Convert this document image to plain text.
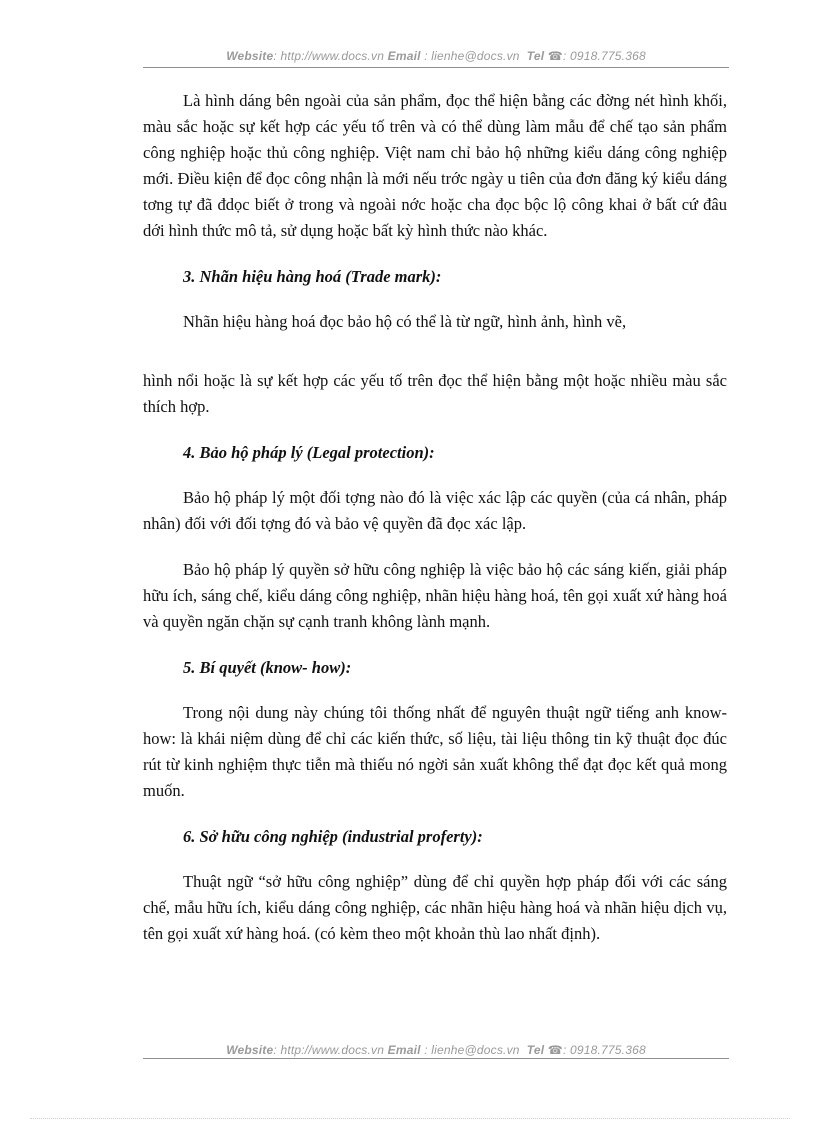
Website: http://www.docs.vn Email : lienhe@docs.vn Tel ☎: 0918.775.368

Là hình dáng bên ngoài của sản phẩm, đọc thể hiện bằng các đờng nét hình khối, màu sắc hoặc sự kết hợp các yếu tố trên và có thể dùng làm mẫu để chế tạo sản phẩm công nghiệp hoặc thủ công nghiệp. Việt nam chỉ bảo hộ những kiểu dáng công nghiệp mới. Điều kiện để đọc công nhận là mới nếu trớc ngày u tiên của đơn đăng ký kiểu dáng tơng tự đã đdọc biết ở trong và ngoài nớc hoặc cha đọc bộc lộ công khai ở bất cứ đâu dới hình thức mô tả, sử dụng hoặc bất kỳ hình thức nào khác.

3. Nhãn hiệu hàng hoá (Trade mark):

Nhãn hiệu hàng hoá đọc bảo hộ có thể là từ ngữ, hình ảnh, hình vẽ,

hình nổi hoặc là sự kết hợp các yếu tố trên đọc thể hiện bằng một hoặc nhiều màu sắc thích hợp.

4. Bảo hộ pháp lý (Legal protection):

Bảo hộ pháp lý một đối tợng nào đó là việc xác lập các quyền (của cá nhân, pháp nhân) đối với đối tợng đó và bảo vệ quyền đã đọc xác lập.

Bảo hộ pháp lý quyền sở hữu công nghiệp là việc bảo hộ các sáng kiến, giải pháp hữu ích, sáng chế, kiểu dáng công nghiệp, nhãn hiệu hàng hoá, tên gọi xuất xứ hàng hoá và quyền ngăn chặn sự cạnh tranh không lành mạnh.

5. Bí quyết (know- how):

Trong nội dung này chúng tôi thống nhất để nguyên thuật ngữ tiếng anh know- how: là khái niệm dùng để chỉ các kiến thức, số liệu, tài liệu thông tin kỹ thuật đọc đúc rút từ kinh nghiệm thực tiễn mà thiếu nó ngời sản xuất không thể đạt đọc kết quả mong muốn.

6. Sở hữu công nghiệp (industrial proferty):

Thuật ngữ “sở hữu công nghiệp” dùng để chỉ quyền hợp pháp đối với các sáng chế, mẫu hữu ích, kiểu dáng công nghiệp, các nhãn hiệu hàng hoá và nhãn hiệu dịch vụ, tên gọi xuất xứ hàng hoá. (có kèm theo một khoản thù lao nhất định).

Website: http://www.docs.vn Email : lienhe@docs.vn Tel ☎: 0918.775.368
